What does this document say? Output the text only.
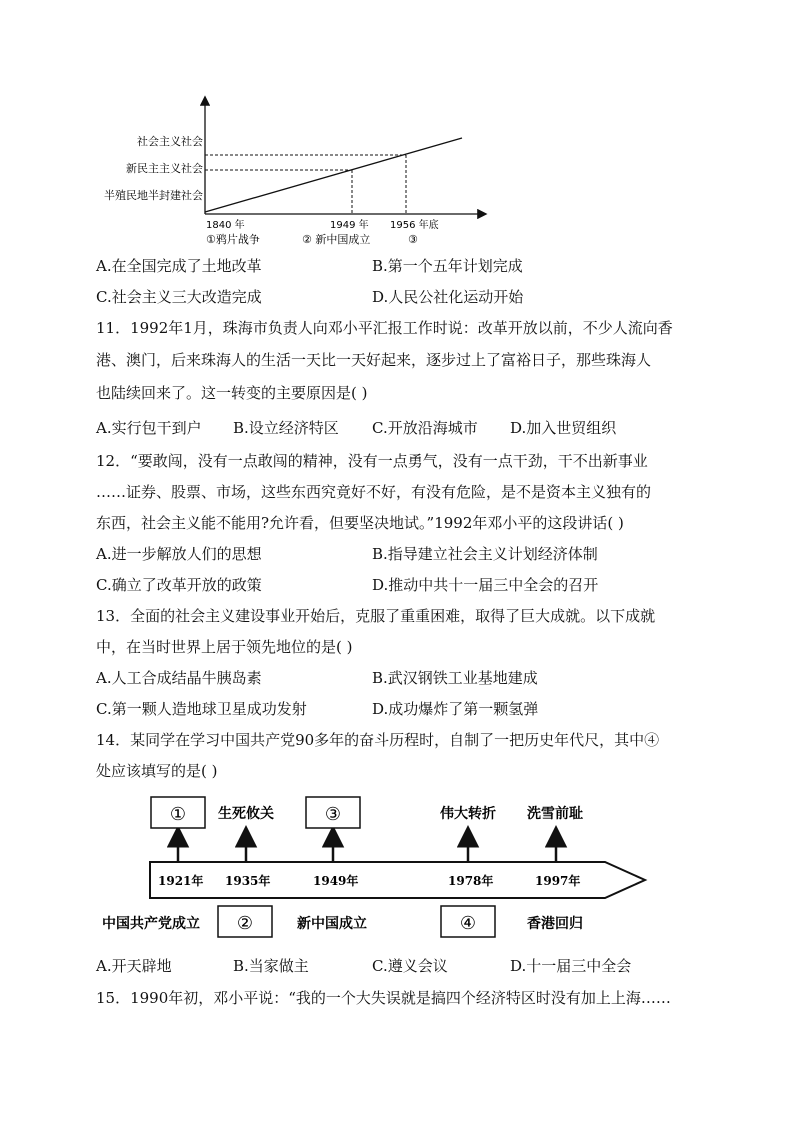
社会主义社会
新民主主义社会
半殖民地半封建社会
1840 年	1949 年 1956 年底
①鸦片战争	② 新中国成立	③
A.在全国完成了土地改革	B.第一个五年计划完成
C.社会主义三大改造完成	D.人民公社化运动开始
11．1992年1月，珠海市负责人向邓小平汇报工作时说：改革开放以前，不少人流向香
港、澳门，后来珠海人的生活一天比一天好起来，逐步过上了富裕日子，那些珠海人
也陆续回来了。这一转变的主要原因是( )
A.实行包干到户 B.设立经济特区 C.开放沿海城市 D.加入世贸组织
12．“要敢闯，没有一点敢闯的精神，没有一点勇气，没有一点干劲，干不出新事业
……证券、股票、市场，这些东西究竟好不好，有没有危险，是不是资本主义独有的
东西，社会主义能不能用?允许看，但要坚决地试。”1992年邓小平的这段讲话( )
A.进一步解放人们的思想	B.指导建立社会主义计划经济体制
C.确立了改革开放的政策	D.推动中共十一届三中全会的召开
13．全面的社会主义建设事业开始后，克服了重重困难，取得了巨大成就。以下成就
中，在当时世界上居于领先地位的是( )
A.人工合成结晶牛胰岛素	B.武汉钢铁工业基地建成
C.第一颗人造地球卫星成功发射	D.成功爆炸了第一颗氢弹
14．某同学在学习中国共产党90多年的奋斗历程时，自制了一把历史年代尺，其中④
处应该填写的是( )
1921年 1935年	1949年	1978年	1997年
①	③
生死攸关	伟大转折 洗雪前耻
②	④
中国共产党成立	新中国成立	香港回归
A.开天辟地	B.当家做主	C.遵义会议	D.十一届三中全会
15．1990年初，邓小平说：“我的一个大失误就是搞四个经济特区时没有加上上海……
